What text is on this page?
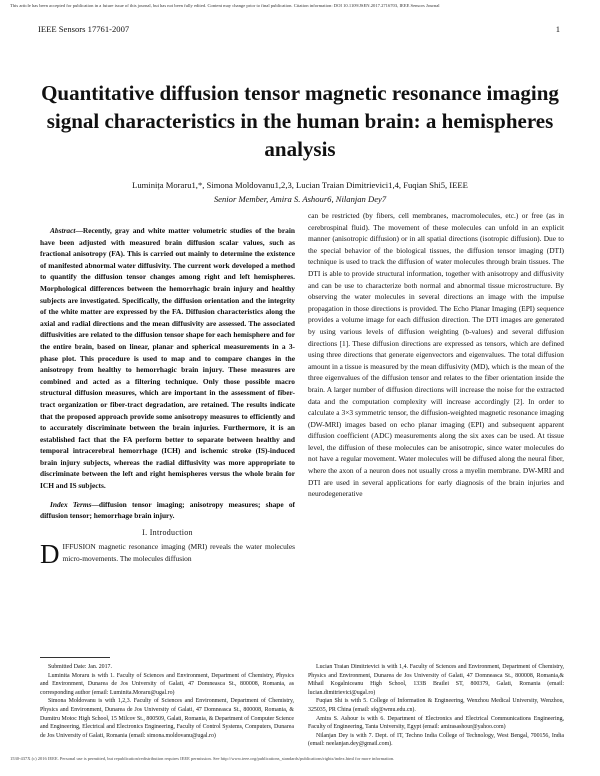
This article has been accepted for publication in a future issue of this journal, but has not been fully edited. Content may change prior to final publication. Citation information: DOI 10.1109/JSEN.2017.2716703, IEEE Sensors Journal
IEEE Sensors 17761-2007	1
Quantitative diffusion tensor magnetic resonance imaging signal characteristics in the human brain: a hemispheres analysis
Luminița Moraru1,*, Simona Moldovanu1,2,3, Lucian Traian Dimitrievici1,4, Fuqian Shi5, IEEE
Senior Member, Amira S. Ashour6, Nilanjan Dey7

Abstract—Recently, gray and white matter volumetric studies of the brain have been adjusted with measured brain diffusion scalar values, such as fractional anisotropy (FA). This is carried out mainly to determine the existence of manifested abnormal water diffusivity. The current work developed a method to quantify the diffusion tensor changes among right and left hemispheres. Morphological differences between the hemorrhagic brain injury and healthy subjects are investigated. Specifically, the diffusion orientation and the integrity of the white matter are expressed by the FA. Diffusion characteristics along the axial and radial directions and the mean diffusivity are assessed. The associated diffusivities are related to the diffusion tensor shape for each hemisphere and for the entire brain, based on linear, planar and spherical measurements in a 3-phase plot. This procedure is used to map and to compare changes in the anisotropy from healthy to hemorrhagic brain injury. These measures are combined and acted as a filtering technique. Only those possible macro structural diffusion measures, which are important in the assessment of fiber-tract organization or fiber-tract degradation, are retained. The results indicate that the proposed approach provide some anisotropy measures to efficiently and to accurately discriminate between the brain injuries. Furthermore, it is an established fact that the FA perform better to separate between healthy and temporal intracerebral hemorrhage (ICH) and ischemic stroke (IS)-induced brain injury subjects, whereas the radial diffusivity was more appropriate to discriminate between the left and right hemispheres versus the whole brain for ICH and IS subjects.

Index Terms—diffusion tensor imaging; anisotropy measures; shape of diffusion tensor; hemorrhage brain injury.

I. Introduction

DIFFUSION magnetic resonance imaging (MRI) reveals the water molecules micro-movements. The molecules diffusion

can be restricted (by fibers, cell membranes, macromolecules, etc.) or free (as in cerebrospinal fluid). The movement of these molecules can unfold in an explicit manner (anisotropic diffusion) or in all spatial directions (isotropic diffusion). Due to the special behavior of the biological tissues, the diffusion tensor imaging (DTI) technique is used to track the diffusion of water molecules through brain tissues. The DTI is able to provide structural information, together with anisotropy and diffusivity and can be use to characterize both normal and abnormal tissue microstructure. By observing the water molecules in several directions an image with the impulse propagation in those directions is provided. The Echo Planar Imaging (EPI) sequence provides a volume image for each diffusion direction. The DTI images are generated by using various levels of diffusion weighting (b-values) and several diffusion directions [1]. These diffusion directions are expressed as tensors, which are defined using three directions that generate eigenvectors and eigenvalues. The total diffusion amount in a tissue is measured by the mean diffusivity (MD), which is the mean of the three eigenvalues of the diffusion tensor and relates to the fiber orientation inside the brain. A larger number of diffusion directions will increase the noise for the extracted data and the computation complexity will increase accordingly [2]. In order to calculate a 3×3 symmetric tensor, the diffusion-weighted magnetic resonance imaging (DW-MRI) images based on echo planar imaging (EPI) and subsequent apparent diffusion coefficient (ADC) measurements along the six axes can be used. At tissue level, the diffusion of these molecules can be anisotropic, since water molecules do not have a regular movement. Water molecules will be diffused along the neural fiber, where the axon of a neuron does not usually cross a myelin membrane. DW-MRI and DTI are used in several applications for early diagnosis of the brain injuries and neurodegenerative

Submitted Date: Jan. 2017.

Luminita Moraru is with 1. Faculty of Sciences and Environment, Department of Chemistry, Physics and Environment, Dunarea de Jos University of Galati, 47 Domneasca St., 800008, Romania, as corresponding author (email: Luminita.Moraru@ugal.ro)

Simona Moldovanu is with 1,2,3. Faculty of Sciences and Environment, Department of Chemistry, Physics and Environment, Dunarea de Jos University of Galati, 47 Domneasca St., 800008, Romania, & Dumitru Motoc High School, 15 Milcov St., 800509, Galati, Romania, & Department of Computer Science and Engineering, Electrical and Electronics Engineering, Faculty of Control Systems, Computers, Dunarea de Jos University of Galati, Romania (email: simona.moldovanu@ugal.ro)

Lucian Traian Dimitrievici is with 1,4. Faculty of Sciences and Environment, Department of Chemistry, Physics and Environment, Dunarea de Jos University of Galati, 47 Domneasca St., 800008, Romania,& Mihail Kogalniceanu High School, 133B Brailei ST, 800379, Galati, Romania (email: lucian.dimitrievici@ugal.ro)

Fuqian Shi is with 5. College of Information & Engineering, Wenzhou Medical University, Wenzhou, 325035, PR China (email: sfq@wmu.edu.cn).

Amira S. Ashour is with 6. Department of Electronics and Electrical Communications Engineering, Faculty of Engineering, Tanta University, Egypt (email: amirasashour@yahoo.com)

Nilanjan Dey is with 7. Dept. of IT, Techno India College of Technology, West Bengal, 700156, India (email: neelanjan.dey@gmail.com).

1530-437X (c) 2016 IEEE. Personal use is permitted, but republication/redistribution requires IEEE permission. See http://www.ieee.org/publications_standards/publications/rights/index.html for more information.
